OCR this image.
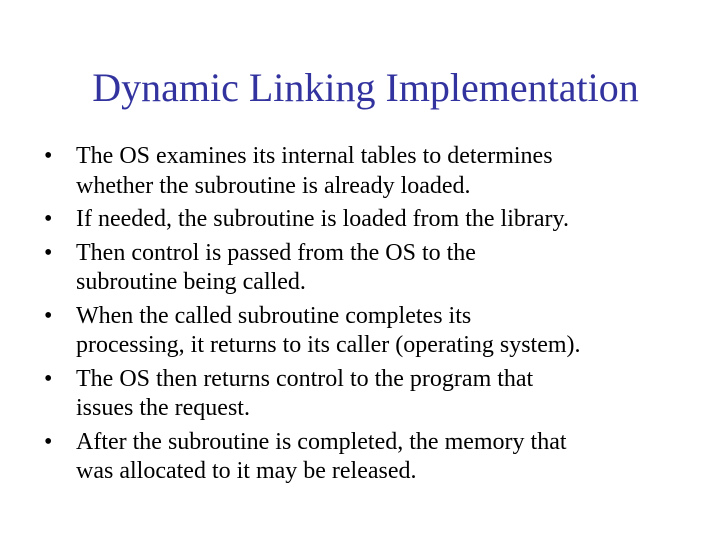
Dynamic Linking Implementation
• The OS examines its internal tables to determines
whether the subroutine is already loaded.
• If needed, the subroutine is loaded from the library.
• Then control is passed from the OS to the
subroutine being called.
• When the called subroutine completes its
processing, it returns to its caller (operating system).
• The OS then returns control to the program that
issues the request.
• After the subroutine is completed, the memory that
was allocated to it may be released.
